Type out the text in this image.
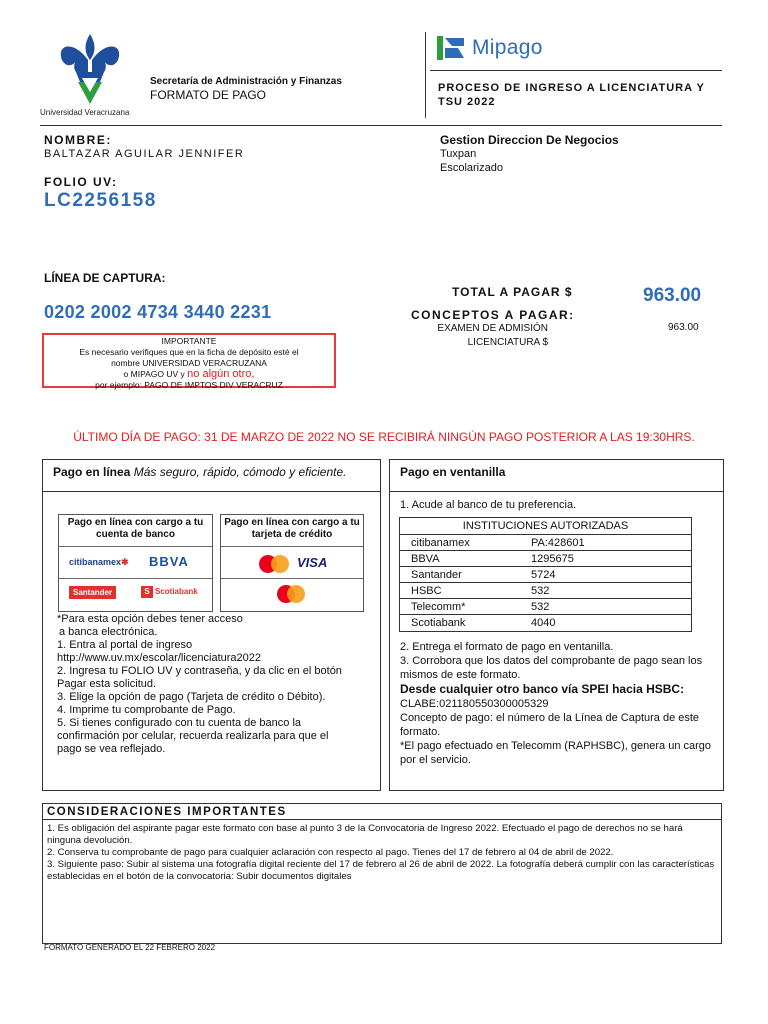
Universidad Veracruzana
Secretaría de Administración y Finanzas
FORMATO DE PAGO
Mipago
PROCESO DE INGRESO A LICENCIATURA Y TSU 2022
NOMBRE:
BALTAZAR AGUILAR JENNIFER
FOLIO UV:
LC2256158
Gestion Direccion De Negocios
Tuxpan
Escolarizado
LÍNEA DE CAPTURA:
0202 2002 4734 3440 2231
TOTAL A PAGAR $	963.00
CONCEPTOS A PAGAR:
EXAMEN DE ADMISIÓN
LICENCIATURA $
963.00
IMPORTANTE
Es necesario verifiques que en la ficha de depósito esté el
nombre UNIVERSIDAD VERACRUZANA
o MIPAGO UV y no algún otro,
por ejemplo: PAGO DE IMPTOS DIV VERACRUZ
ÚLTIMO DÍA DE PAGO: 31 DE MARZO DE 2022 NO SE RECIBIRÁ NINGÚN PAGO POSTERIOR A LAS 19:30HRS.
Pago en línea Más seguro, rápido, cómodo y eficiente.
Pago en línea con cargo a tu cuenta de banco
citibanamex✱ BBVA
Santander	S Scotiabank
Pago en línea con cargo a tu tarjeta de crédito
VISA
*Para esta opción debes tener acceso
a banca electrónica.
1. Entra al portal de ingreso
http://www.uv.mx/escolar/licenciatura2022
2. Ingresa tu FOLIO UV y contraseña, y da clic en el botón
Pagar esta solicitud.
3. Elige la opción de pago (Tarjeta de crédito o Débito).
4. Imprime tu comprobante de Pago.
5. Si tienes configurado con tu cuenta de banco la
confirmación por celular, recuerda realizarla para que el
pago se vea reflejado.
Pago en ventanilla
1. Acude al banco de tu preferencia.
INSTITUCIONES AUTORIZADAS
citibanamex	PA:428601
BBVA	1295675
Santander	5724
HSBC	532
Telecomm*	532
Scotiabank	4040
2. Entrega el formato de pago en ventanilla.
3. Corrobora que los datos del comprobante de pago sean los mismos de este formato.
Desde cualquier otro banco vía SPEI hacia HSBC:
CLABE:021180550300005329
Concepto de pago: el número de la Línea de Captura de este formato.
*El pago efectuado en Telecomm (RAPHSBC), genera un cargo por el servicio.
CONSIDERACIONES IMPORTANTES
1. Es obligación del aspirante pagar este formato con base al punto 3 de la Convocatoria de Ingreso 2022. Efectuado el pago de derechos no se hará ninguna devolución.
2. Conserva tu comprobante de pago para cualquier aclaración con respecto al pago. Tienes del 17 de febrero al 04 de abril de 2022.
3. Siguiente paso: Subir al sistema una fotografía digital reciente del 17 de febrero al 26 de abril de 2022. La fotografía deberá cumplir con las características establecidas en el botón de la convocatoria: Subir documentos digitales
FORMATO GENERADO EL 22 FEBRERO 2022
